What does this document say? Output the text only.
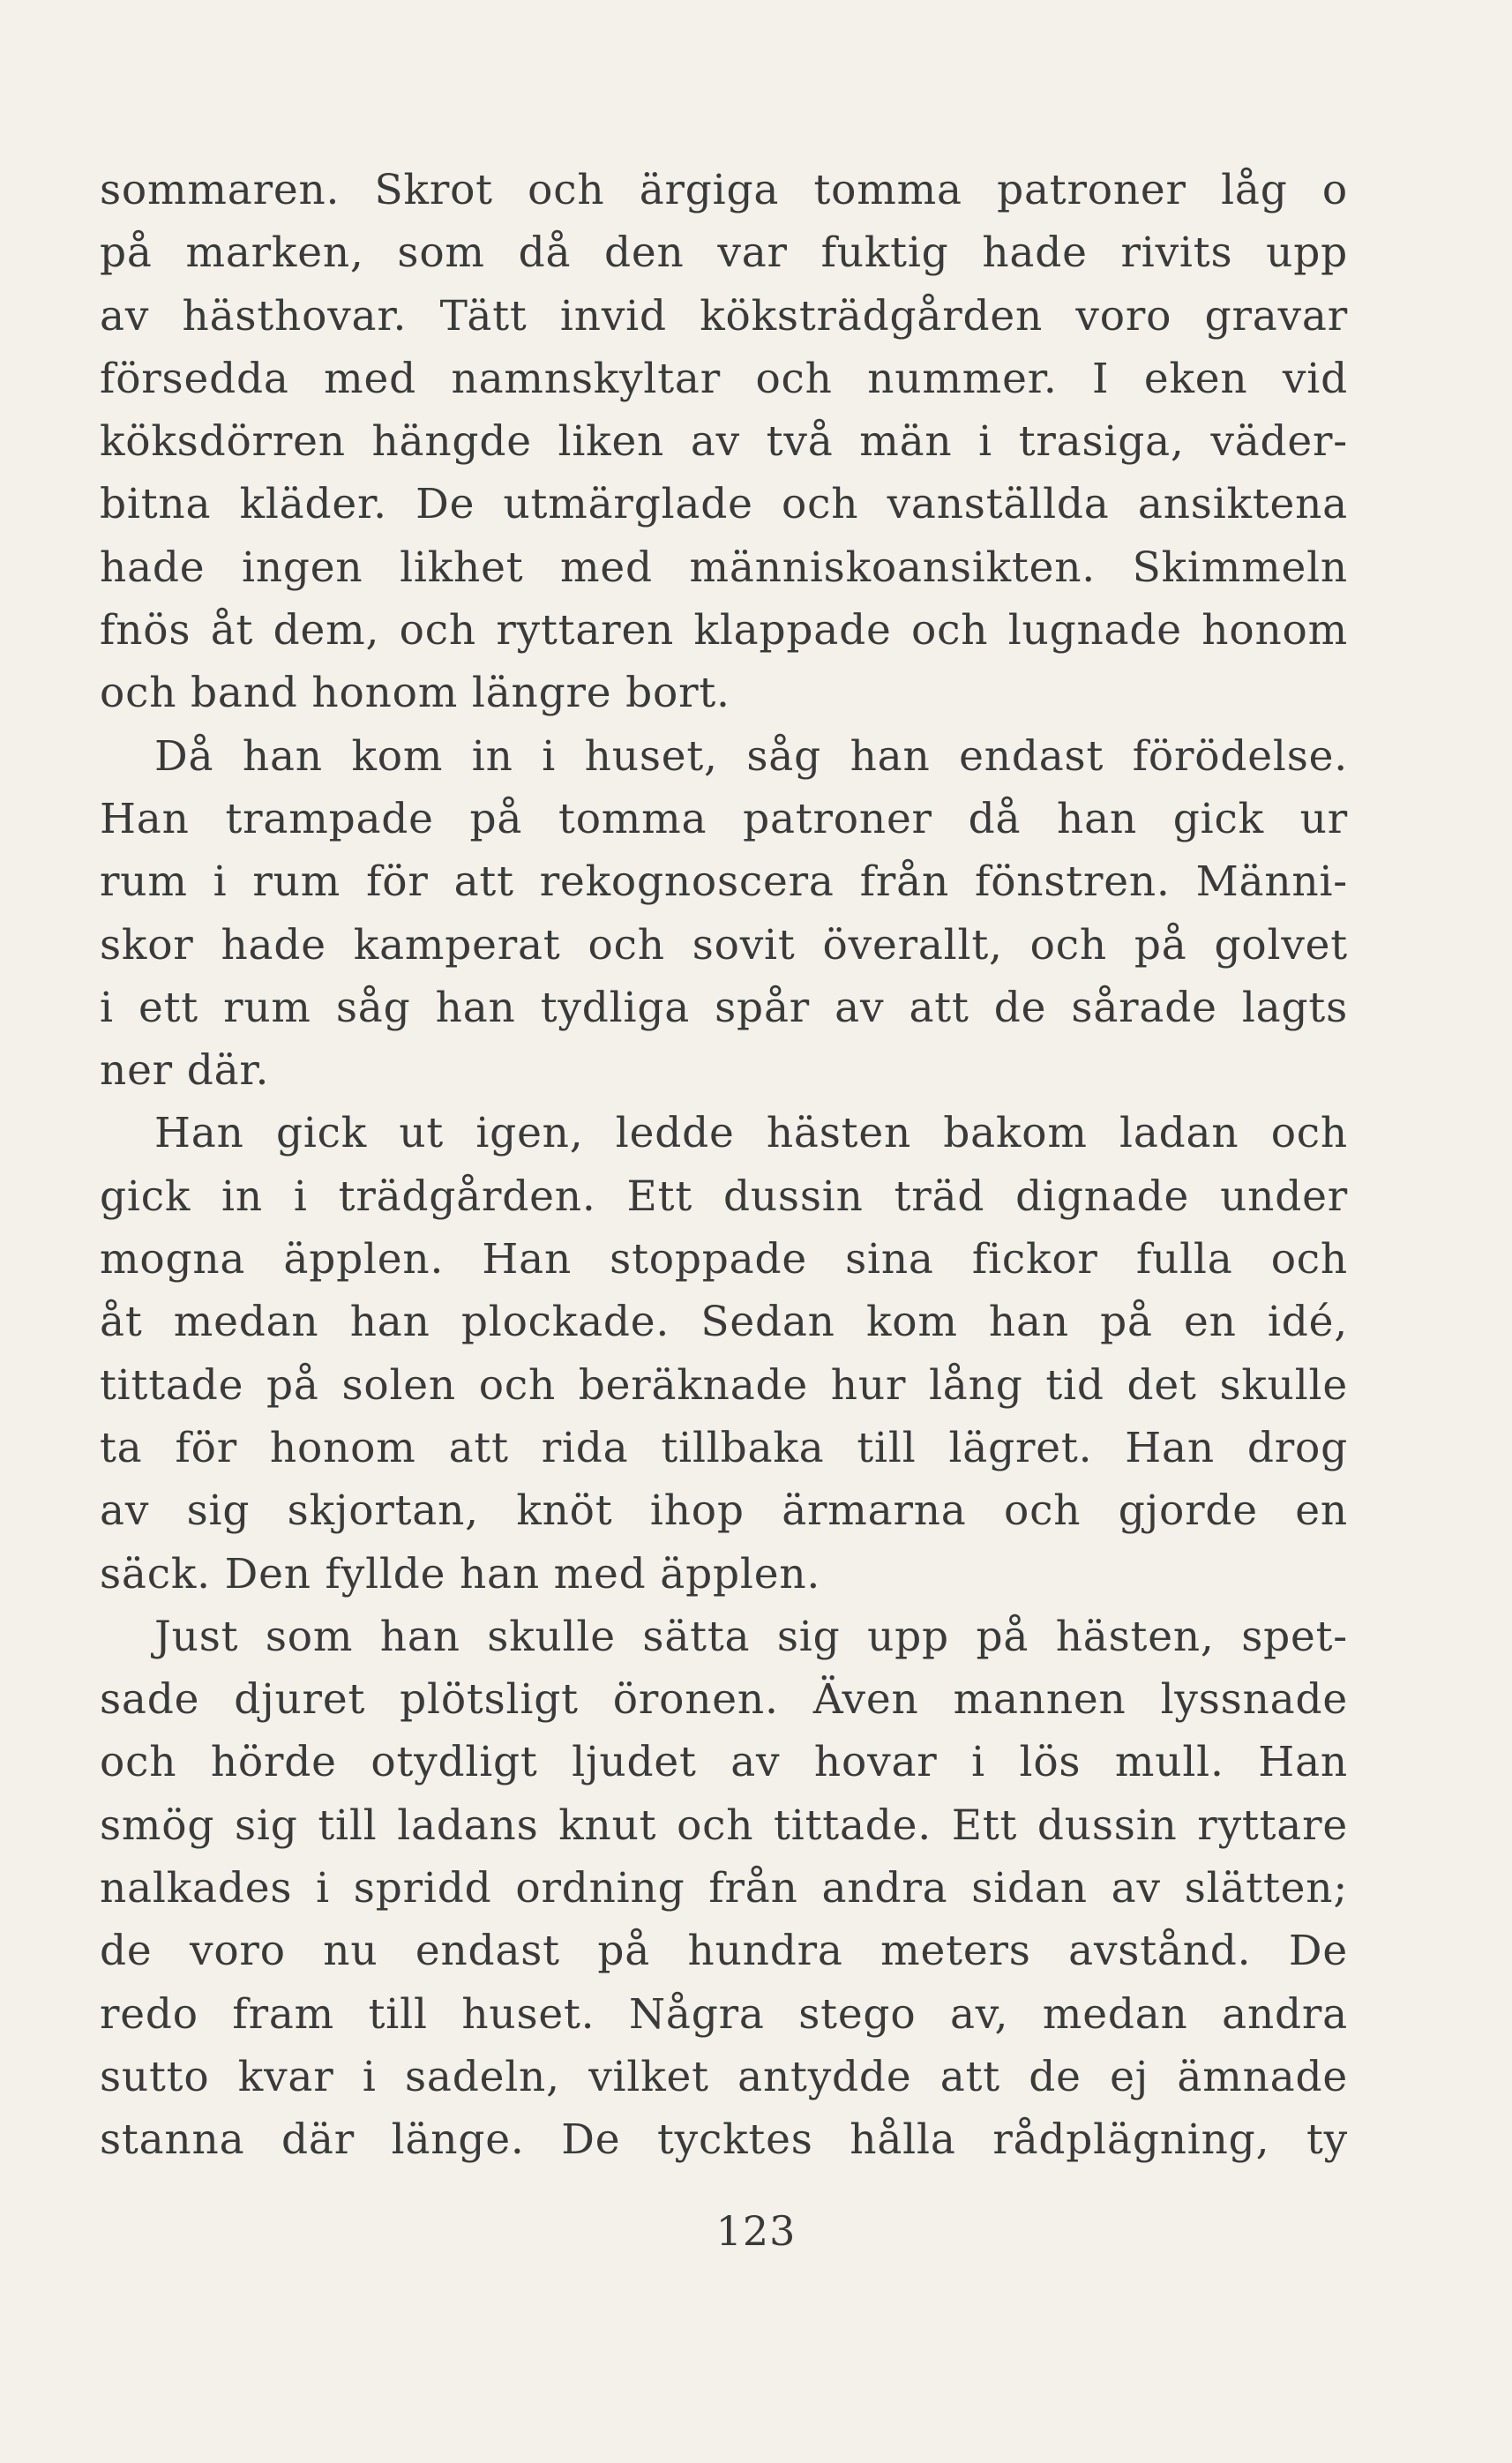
sommaren. Skrot och ärgiga tomma patroner låg o
på marken, som då den var fuktig hade rivits upp
av hästhovar. Tätt invid köksträdgården voro gravar
försedda med namnskyltar och nummer. I eken vid
köksdörren hängde liken av två män i trasiga, väder-
bitna kläder. De utmärglade och vanställda ansiktena
hade ingen likhet med människoansikten. Skimmeln
fnös åt dem, och ryttaren klappade och lugnade honom
och band honom längre bort.
Då han kom in i huset, såg han endast förödelse.
Han trampade på tomma patroner då han gick ur
rum i rum för att rekognoscera från fönstren. Männi-
skor hade kamperat och sovit överallt, och på golvet
i ett rum såg han tydliga spår av att de sårade lagts
ner där.
Han gick ut igen, ledde hästen bakom ladan och
gick in i trädgården. Ett dussin träd dignade under
mogna äpplen. Han stoppade sina fickor fulla och
åt medan han plockade. Sedan kom han på en idé,
tittade på solen och beräknade hur lång tid det skulle
ta för honom att rida tillbaka till lägret. Han drog
av sig skjortan, knöt ihop ärmarna och gjorde en
säck. Den fyllde han med äpplen.
Just som han skulle sätta sig upp på hästen, spet-
sade djuret plötsligt öronen. Även mannen lyssnade
och hörde otydligt ljudet av hovar i lös mull. Han
smög sig till ladans knut och tittade. Ett dussin ryttare
nalkades i spridd ordning från andra sidan av slätten;
de voro nu endast på hundra meters avstånd. De
redo fram till huset. Några stego av, medan andra
sutto kvar i sadeln, vilket antydde att de ej ämnade
stanna där länge. De tycktes hålla rådplägning, ty
123
